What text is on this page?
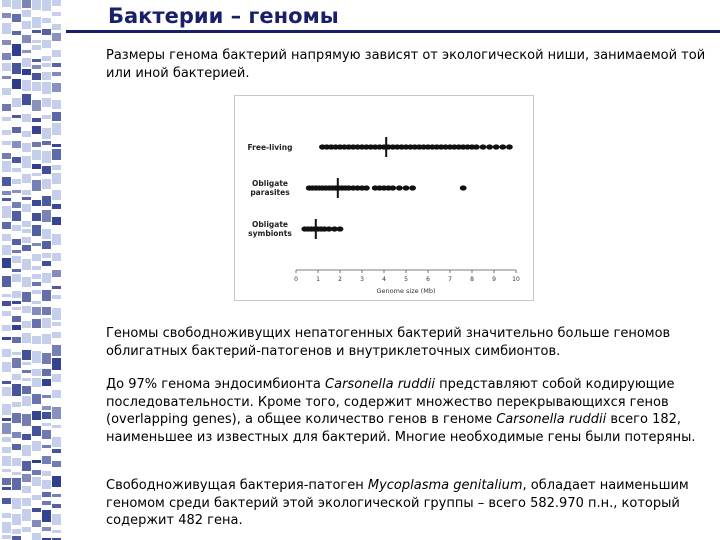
Бактерии – геномы

Размеры генома бактерий напрямую зависят от экологической ниши, занимаемой той или иной бактерией.

Free-living
Obligate parasites
Obligate symbionts
0	1	2	3	4	5	6	7	8	9	10
Genome size (Mb)

Геномы свободноживущих непатогенных бактерий значительно больше геномов облигатных бактерий-патогенов и внутриклеточных симбионтов.

До 97% генома эндосимбионта Carsonella ruddii представляют собой кодирующие последовательности. Кроме того, содержит множество перекрывающихся генов (overlapping genes), а общее количество генов в геноме Carsonella ruddii всего 182, наименьшее из известных для бактерий. Многие необходимые гены были потеряны.

Свободноживущая бактерия-патоген Mycoplasma genitalium, обладает наименьшим геномом среди бактерий этой экологической группы – всего 582.970 п.н., который содержит 482 гена.
